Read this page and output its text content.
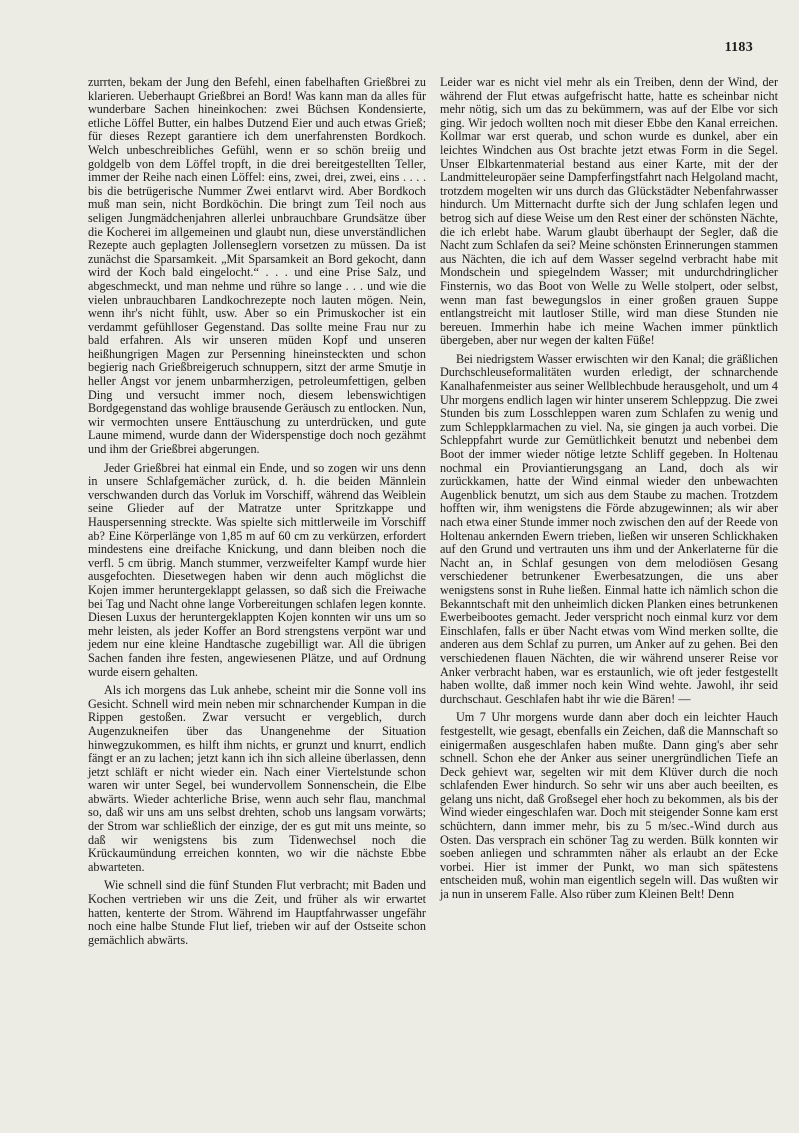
1183

zurrten, bekam der Jung den Befehl, einen fabelhaften Grießbrei zu klarieren. Ueberhaupt Grießbrei an Bord! Was kann man da alles für wunderbare Sachen hineinkochen: zwei Büchsen Kondensierte, etliche Löffel Butter, ein halbes Dutzend Eier und auch etwas Grieß; für dieses Rezept garantiere ich dem unerfahrensten Bordkoch. Welch unbeschreibliches Gefühl, wenn er so schön breiig und goldgelb von dem Löffel tropft, in die drei bereitgestellten Teller, immer der Reihe nach einen Löffel: eins, zwei, drei, zwei, eins . . . . bis die betrügerische Nummer Zwei entlarvt wird. Aber Bordkoch muß man sein, nicht Bordköchin. Die bringt zum Teil noch aus seligen Jungmädchenjahren allerlei unbrauchbare Grundsätze über die Kocherei im allgemeinen und glaubt nun, diese unverständlichen Rezepte auch geplagten Jollenseglern vorsetzen zu müssen. Da ist zunächst die Sparsamkeit. „Mit Sparsamkeit an Bord gekocht, dann wird der Koch bald eingelocht.“ . . . und eine Prise Salz, und abgeschmeckt, und man nehme und rühre so lange . . . und wie die vielen unbrauchbaren Landkochrezepte noch lauten mögen. Nein, wenn ihr's nicht fühlt, usw. Aber so ein Primuskocher ist ein verdammt gefühlloser Gegenstand. Das sollte meine Frau nur zu bald erfahren. Als wir unseren müden Kopf und unseren heißhungrigen Magen zur Persenning hineinsteckten und schon begierig nach Grießbreigeruch schnuppern, sitzt der arme Smutje in heller Angst vor jenem unbarmherzigen, petroleumfettigen, gelben Ding und versucht immer noch, diesem lebenswichtigen Bordgegenstand das wohlige brausende Geräusch zu entlocken. Nun, wir vermochten unsere Enttäuschung zu unterdrücken, und gute Laune mimend, wurde dann der Widerspenstige doch noch gezähmt und ihm der Grießbrei abgerungen.

Jeder Grießbrei hat einmal ein Ende, und so zogen wir uns denn in unsere Schlafgemächer zurück, d. h. die beiden Männlein verschwanden durch das Vorluk im Vorschiff, während das Weiblein seine Glieder auf der Matratze unter Spritzkappe und Hauspersenning streckte. Was spielte sich mittlerweile im Vorschiff ab? Eine Körperlänge von 1,85 m auf 60 cm zu verkürzen, erfordert mindestens eine dreifache Knickung, und dann bleiben noch die verfl. 5 cm übrig. Manch stummer, verzweifelter Kampf wurde hier ausgefochten. Diesetwegen haben wir denn auch möglichst die Kojen immer heruntergeklappt gelassen, so daß sich die Freiwache bei Tag und Nacht ohne lange Vorbereitungen schlafen legen konnte. Diesen Luxus der heruntergeklappten Kojen konnten wir uns um so mehr leisten, als jeder Koffer an Bord strengstens verpönt war und jedem nur eine kleine Handtasche zugebilligt war. All die übrigen Sachen fanden ihre festen, angewiesenen Plätze, und auf Ordnung wurde eisern gehalten.

Als ich morgens das Luk anhebe, scheint mir die Sonne voll ins Gesicht. Schnell wird mein neben mir schnarchender Kumpan in die Rippen gestoßen. Zwar versucht er vergeblich, durch Augenzukneifen über das Unangenehme der Situation hinwegzukommen, es hilft ihm nichts, er grunzt und knurrt, endlich fängt er an zu lachen; jetzt kann ich ihn sich alleine überlassen, denn jetzt schläft er nicht wieder ein. Nach einer Viertelstunde schon waren wir unter Segel, bei wundervollem Sonnenschein, die Elbe abwärts. Wieder achterliche Brise, wenn auch sehr flau, manchmal so, daß wir uns am uns selbst drehten, schob uns langsam vorwärts; der Strom war schließlich der einzige, der es gut mit uns meinte, so daß wir wenigstens bis zum Tidenwechsel noch die Krückaumündung erreichen konnten, wo wir die nächste Ebbe abwarteten.

Wie schnell sind die fünf Stunden Flut verbracht; mit Baden und Kochen vertrieben wir uns die Zeit, und früher als wir erwartet hatten, kenterte der Strom. Während im Hauptfahrwasser ungefähr noch eine halbe Stunde Flut lief, trieben wir auf der Ostseite schon gemächlich abwärts.

Leider war es nicht viel mehr als ein Treiben, denn der Wind, der während der Flut etwas aufgefrischt hatte, hatte es scheinbar nicht mehr nötig, sich um das zu bekümmern, was auf der Elbe vor sich ging. Wir jedoch wollten noch mit dieser Ebbe den Kanal erreichen. Kollmar war erst querab, und schon wurde es dunkel, aber ein leichtes Windchen aus Ost brachte jetzt etwas Form in die Segel. Unser Elbkartenmaterial bestand aus einer Karte, mit der der Landmitteleuropäer seine Dampferfingstfahrt nach Helgoland macht, trotzdem mogelten wir uns durch das Glückstädter Nebenfahrwasser hindurch. Um Mitternacht durfte sich der Jung schlafen legen und betrog sich auf diese Weise um den Rest einer der schönsten Nächte, die ich erlebt habe. Warum glaubt überhaupt der Segler, daß die Nacht zum Schlafen da sei? Meine schönsten Erinnerungen stammen aus Nächten, die ich auf dem Wasser segelnd verbracht habe mit Mondschein und spiegelndem Wasser; mit undurchdringlicher Finsternis, wo das Boot von Welle zu Welle stolpert, oder selbst, wenn man fast bewegungslos in einer großen grauen Suppe entlangstreicht mit lautloser Stille, wird man diese Stunden nie bereuen. Immerhin habe ich meine Wachen immer pünktlich übergeben, aber nur wegen der kalten Füße!

Bei niedrigstem Wasser erwischten wir den Kanal; die gräßlichen Durchschleuseformalitäten wurden erledigt, der schnarchende Kanalhafenmeister aus seiner Wellblechbude herausgeholt, und um 4 Uhr morgens endlich lagen wir hinter unserem Schleppzug. Die zwei Stunden bis zum Losschleppen waren zum Schlafen zu wenig und zum Schleppklarmachen zu viel. Na, sie gingen ja auch vorbei. Die Schleppfahrt wurde zur Gemütlichkeit benutzt und nebenbei dem Boot der immer wieder nötige letzte Schliff gegeben. In Holtenau nochmal ein Proviantierungsgang an Land, doch als wir zurückkamen, hatte der Wind einmal wieder den unbewachten Augenblick benutzt, um sich aus dem Staube zu machen. Trotzdem hofften wir, ihm wenigstens die Förde abzugewinnen; als wir aber nach etwa einer Stunde immer noch zwischen den auf der Reede von Holtenau ankernden Ewern trieben, ließen wir unseren Schlickhaken auf den Grund und vertrauten uns ihm und der Ankerlaterne für die Nacht an, in Schlaf gesungen von dem melodiösen Gesang verschiedener betrunkener Ewerbesatzungen, die uns aber wenigstens sonst in Ruhe ließen. Einmal hatte ich nämlich schon die Bekanntschaft mit den unheimlich dicken Planken eines betrunkenen Ewerbeibootes gemacht. Jeder verspricht noch einmal kurz vor dem Einschlafen, falls er über Nacht etwas vom Wind merken sollte, die anderen aus dem Schlaf zu purren, um Anker auf zu gehen. Bei den verschiedenen flauen Nächten, die wir während unserer Reise vor Anker verbracht haben, war es erstaunlich, wie oft jeder festgestellt haben wollte, daß immer noch kein Wind wehte. Jawohl, ihr seid durchschaut. Geschlafen habt ihr wie die Bären! —

Um 7 Uhr morgens wurde dann aber doch ein leichter Hauch festgestellt, wie gesagt, ebenfalls ein Zeichen, daß die Mannschaft so einigermaßen ausgeschlafen haben mußte. Dann ging's aber sehr schnell. Schon ehe der Anker aus seiner unergründlichen Tiefe an Deck gehievt war, segelten wir mit dem Klüver durch die noch schlafenden Ewer hindurch. So sehr wir uns aber auch beeilten, es gelang uns nicht, daß Großsegel eher hoch zu bekommen, als bis der Wind wieder eingeschlafen war. Doch mit steigender Sonne kam erst schüchtern, dann immer mehr, bis zu 5 m/sec.-Wind durch aus Osten. Das versprach ein schöner Tag zu werden. Bülk konnten wir soeben anliegen und schrammten näher als erlaubt an der Ecke vorbei. Hier ist immer der Punkt, wo man sich spätestens entscheiden muß, wohin man eigentlich segeln will. Das wußten wir ja nun in unserem Falle. Also rüber zum Kleinen Belt! Denn
